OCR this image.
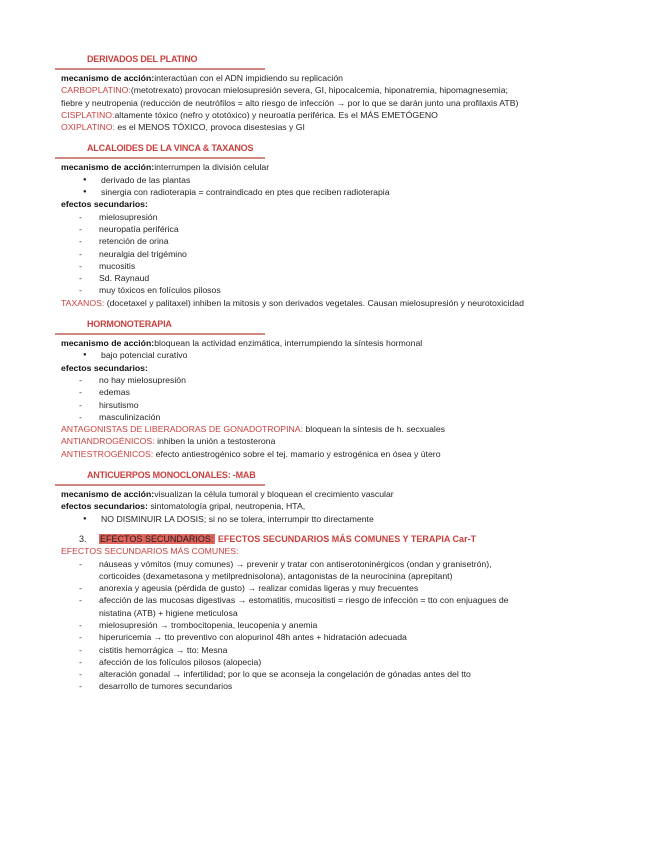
DERIVADOS DEL PLATINO
mecanismo de acción:interactúan con el ADN impidiendo su replicación
CARBOPLATINO:(metotrexato) provocan mielosupresión severa, GI, hipocalcemia, hiponatremia, hipomagnesemia;
fiebre y neutropenia (reducción de neutrófilos = alto riesgo de infección → por lo que se darán junto una profilaxis ATB)
CISPLATINO:altamente tóxico (nefro y ototóxico) y neuroatía periférica. Es el MÁS EMETÓGENO
OXIPLATINO: es el MENOS TÓXICO, provoca disestesias y GI
ALCALOIDES DE LA VINCA & TAXANOS
mecanismo de acción:interrumpen la división celular
● derivado de las plantas
● sinergia con radioterapia = contraindicado en ptes que reciben radioterapia
efectos secundarios:
- mielosupresión
- neuropatía periférica
- retención de orina
- neuralgia del trigémino
- mucositis
- Sd. Raynaud
- muy tóxicos en folículos pilosos
TAXANOS: (docetaxel y palitaxel) inhiben la mitosis y son derivados vegetales. Causan mielosupresión y neurotoxicidad
HORMONOTERAPIA
mecanismo de acción:bloquean la actividad enzimática, interrumpiendo la síntesis hormonal
● bajo potencial curativo
efectos secundarios:
- no hay mielosupresión
- edemas
- hirsutismo
- masculinización
ANTAGONISTAS DE LIBERADORAS DE GONADOTROPINA: bloquean la síntesis de h. secxuales
ANTIANDROGÉNICOS: inhiben la unión a testosterona
ANTIESTROGÉNICOS: efecto antiestrogénico sobre el tej. mamario y estrogénica en ósea y útero
ANTICUERPOS MONOCLONALES: -MAB
mecanismo de acción:visualizan la célula tumoral y bloquean el crecimiento vascular
efectos secundarios: sintomatología gripal, neutropenia, HTA,
● NO DISMINUIR LA DOSIS; si no se tolera, interrumpir tto directamente
3. EFECTOS SECUNDARIOS: EFECTOS SECUNDARIOS MÁS COMUNES Y TERAPIA Car-T
EFECTOS SECUNDARIOS MÁS COMUNES:
- náuseas y vómitos (muy comunes) → prevenir y tratar con antiserotoninérgicos (ondan y granisetrón),
corticoides (dexametasona y metilprednisolona), antagonistas de la neurocinina (aprepitant)
- anorexia y ageusia (pérdida de gusto) → realizar comidas ligeras y muy frecuentes
- afección de las mucosas digestivas → estomatitis, mucositisti = riesgo de infección = tto con enjuagues de
nistatina (ATB) + higiene meticulosa
- mielosupresión → trombocitopenia, leucopenia y anemia
- hiperuricemia → tto preventivo con alopurinol 48h antes + hidratación adecuada
- cistitis hemorrágica → tto: Mesna
- afección de los folículos pilosos (alopecia)
- alteración gonadal → infertilidad; por lo que se aconseja la congelación de gónadas antes del tto
- desarrollo de tumores secundarios
